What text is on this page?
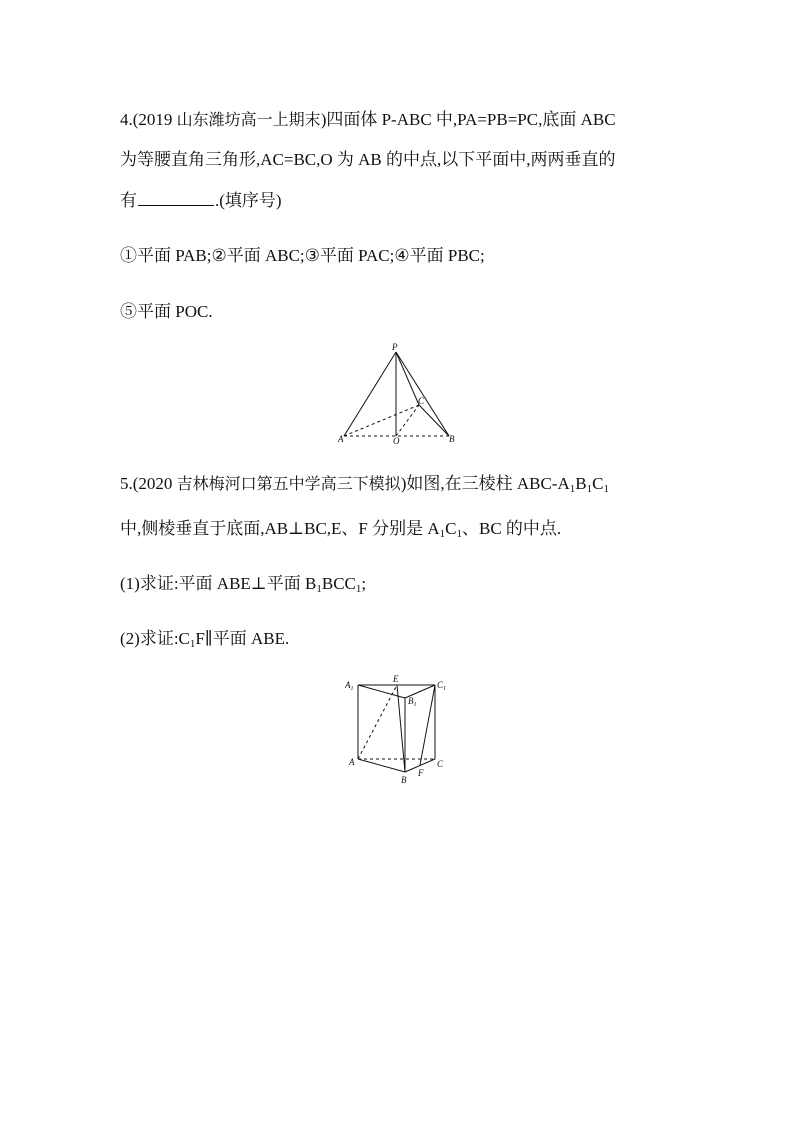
4.(2019 山东潍坊高一上期末)四面体 P-ABC 中,PA=PB=PC,底面 ABC
为等腰直角三角形,AC=BC,O 为 AB 的中点,以下平面中,两两垂直的
有	.(填序号)
①平面 PAB;②平面 ABC;③平面 PAC;④平面 PBC;
⑤平面 POC.
P
A	B
C
O
5.(2020 吉林梅河口第五中学高三下模拟)如图,在三棱柱 ABC-$A_1B_1C_1$
中,侧棱垂直于底面,AB⊥BC,E、F 分别是 $A_1C_1$、BC 的中点.
(1)求证:平面 ABE⊥平面 $B_1BCC_1$;
(2)求证$:C_1F\parallel$平面 ABE.
$A_1$
E
$C_1$
$B_1$
A
B
C
F
